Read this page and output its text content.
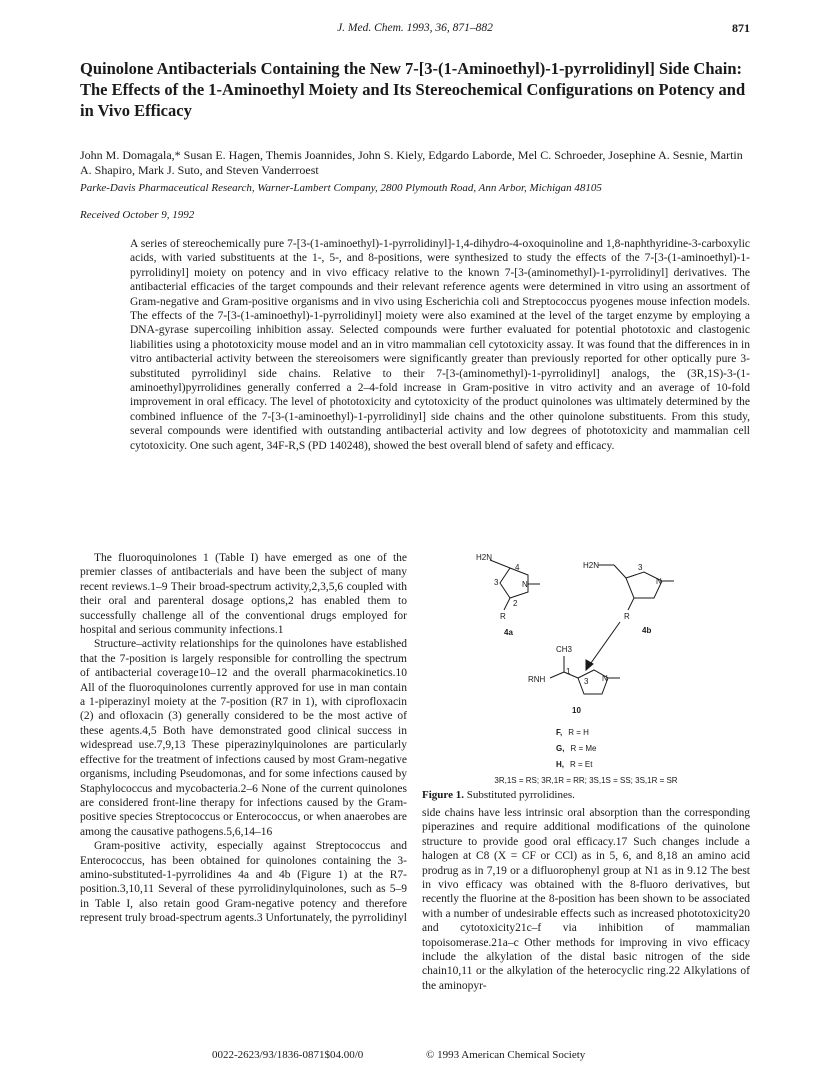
J. Med. Chem. 1993, 36, 871–882	871
Quinolone Antibacterials Containing the New 7-[3-(1-Aminoethyl)-1-pyrrolidinyl] Side Chain: The Effects of the 1-Aminoethyl Moiety and Its Stereochemical Configurations on Potency and in Vivo Efficacy
John M. Domagala,* Susan E. Hagen, Themis Joannides, John S. Kiely, Edgardo Laborde, Mel C. Schroeder, Josephine A. Sesnie, Martin A. Shapiro, Mark J. Suto, and Steven Vanderroest
Parke-Davis Pharmaceutical Research, Warner-Lambert Company, 2800 Plymouth Road, Ann Arbor, Michigan 48105
Received October 9, 1992

A series of stereochemically pure 7-[3-(1-aminoethyl)-1-pyrrolidinyl]-1,4-dihydro-4-oxoquinoline and 1,8-naphthyridine-3-carboxylic acids, with varied substituents at the 1-, 5-, and 8-positions, were synthesized to study the effects of the 7-[3-(1-aminoethyl)-1-pyrrolidinyl] moiety on potency and in vivo efficacy relative to the known 7-[3-(aminomethyl)-1-pyrrolidinyl] derivatives. The antibacterial efficacies of the target compounds and their relevant reference agents were determined in vitro using an assortment of Gram-negative and Gram-positive organisms and in vivo using Escherichia coli and Streptococcus pyogenes mouse infection models. The effects of the 7-[3-(1-aminoethyl)-1-pyrrolidinyl] moiety were also examined at the level of the target enzyme by employing a DNA-gyrase supercoiling inhibition assay. Selected compounds were further evaluated for potential phototoxic and clastogenic liabilities using a phototoxicity mouse model and an in vitro mammalian cell cytotoxicity assay. It was found that the differences in in vitro antibacterial activity between the stereoisomers were significantly greater than previously reported for other optically pure 3-substituted pyrrolidinyl side chains. Relative to their 7-[3-(aminomethyl)-1-pyrrolidinyl] analogs, the (3R,1S)-3-(1-aminoethyl)pyrrolidines generally conferred a 2–4-fold increase in Gram-positive in vitro activity and an average of 10-fold improvement in oral efficacy. The level of phototoxicity and cytotoxicity of the product quinolones was ultimately determined by the combined influence of the 7-[3-(1-aminoethyl)-1-pyrrolidinyl] side chains and the other quinolone substituents. From this study, several compounds were identified with outstanding antibacterial activity and low degrees of phototoxicity and mammalian cell cytotoxicity. One such agent, 34F-R,S (PD 140248), showed the best overall blend of safety and efficacy.

The fluoroquinolones 1 (Table I) have emerged as one of the premier classes of antibacterials and have been the subject of many recent reviews.1–9 Their broad-spectrum activity,2,3,5,6 coupled with their oral and parenteral dosage options,2 has enabled them to successfully challenge all of the conventional drugs employed for hospital and serious community infections.1

Structure–activity relationships for the quinolones have established that the 7-position is largely responsible for controlling the spectrum of antibacterial coverage10–12 and the overall pharmacokinetics.10 All of the fluoroquinolones currently approved for use in man contain a 1-piperazinyl moiety at the 7-position (R7 in 1), with ciprofloxacin (2) and ofloxacin (3) generally considered to be the most active of these agents.4,5 Both have demonstrated good clinical success in widespread use.7,9,13 These piperazinylquinolones are particularly effective for the treatment of infections caused by most Gram-negative organisms, including Pseudomonas, and for some infections caused by Staphylococcus and mycobacteria.2–6 None of the current quinolones are considered front-line therapy for infections caused by the Gram-positive species Streptococcus or Enterococcus, or when anaerobes are among the causative pathogens.5,6,14–16

Gram-positive activity, especially against Streptococcus and Enterococcus, has been obtained for quinolones containing the 3-amino-substituted-1-pyrrolidines 4a and 4b (Figure 1) at the R7-position.3,10,11 Several of these pyrrolidinylquinolones, such as 5–9 in Table I, also retain good Gram-negative potency and therefore represent truly broad-spectrum agents.3 Unfortunately, the pyrrolidinyl

H2N
4
3
2
N
R
4a
H2N	3
N
R
4b
CH3
1
RNH	3 N
10
F, R = H
G, R = Me
H, R = Et
3R,1S = RS; 3R,1R = RR; 3S,1S = SS; 3S,1R = SR
Figure 1. Substituted pyrrolidines.

side chains have less intrinsic oral absorption than the corresponding piperazines and require additional modifications of the quinolone structure to provide good oral efficacy.17 Such changes include a halogen at C8 (X = CF or CCl) as in 5, 6, and 8,18 an amino acid prodrug as in 7,19 or a difluorophenyl group at N1 as in 9.12 The best in vivo efficacy was obtained with the 8-fluoro derivatives, but recently the fluorine at the 8-position has been shown to be associated with a number of undesirable effects such as increased phototoxicity20 and cytotoxicity21c–f via inhibition of mammalian topoisomerase.21a–c Other methods for improving in vivo efficacy include the alkylation of the distal basic nitrogen of the side chain10,11 or the alkylation of the heterocyclic ring.22 Alkylations of the aminopyr-

0022-2623/93/1836-0871$04.00/0	© 1993 American Chemical Society
